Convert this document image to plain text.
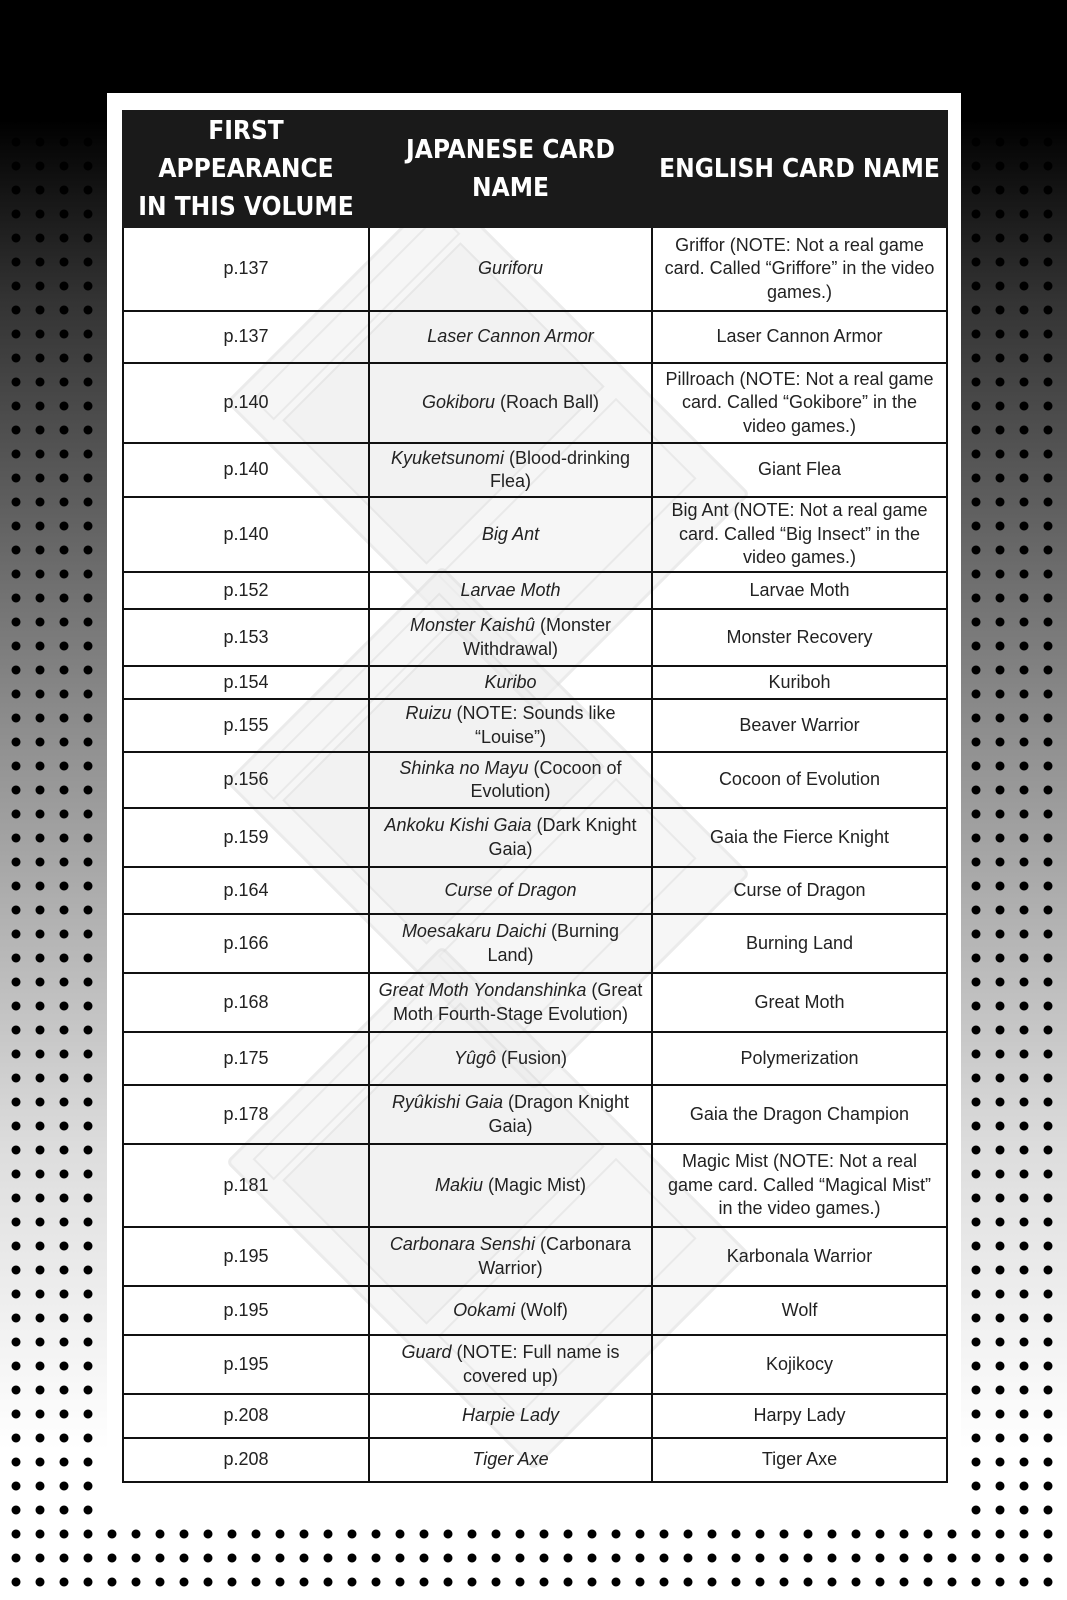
FIRST APPEARANCE
IN THIS VOLUME	JAPANESE CARD NAME	ENGLISH CARD NAME
p.137	Guriforu	Griffor (NOTE: Not a real game card. Called “Griffore” in the video games.)
p.137	Laser Cannon Armor	Laser Cannon Armor
p.140	Gokiboru (Roach Ball)	Pillroach (NOTE: Not a real game card. Called “Gokibore” in the video games.)
p.140	Kyuketsunomi (Blood-drinking Flea)	Giant Flea
p.140	Big Ant	Big Ant (NOTE: Not a real game card. Called “Big Insect” in the video games.)
p.152	Larvae Moth	Larvae Moth
p.153	Monster Kaishû (Monster Withdrawal)	Monster Recovery
p.154	Kuribo	Kuriboh
p.155	Ruizu (NOTE: Sounds like “Louise”)	Beaver Warrior
p.156	Shinka no Mayu (Cocoon of Evolution)	Cocoon of Evolution
p.159	Ankoku Kishi Gaia (Dark Knight Gaia)	Gaia the Fierce Knight
p.164	Curse of Dragon	Curse of Dragon
p.166	Moesakaru Daichi (Burning Land)	Burning Land
p.168	Great Moth Yondanshinka (Great Moth Fourth-Stage Evolution)	Great Moth
p.175	Yûgô (Fusion)	Polymerization
p.178	Ryûkishi Gaia (Dragon Knight Gaia)	Gaia the Dragon Champion
p.181	Makiu (Magic Mist)	Magic Mist (NOTE: Not a real game card. Called “Magical Mist” in the video games.)
p.195	Carbonara Senshi (Carbonara Warrior)	Karbonala Warrior
p.195	Ookami (Wolf)	Wolf
p.195	Guard (NOTE: Full name is covered up)	Kojikocy
p.208	Harpie Lady	Harpy Lady
p.208	Tiger Axe	Tiger Axe
